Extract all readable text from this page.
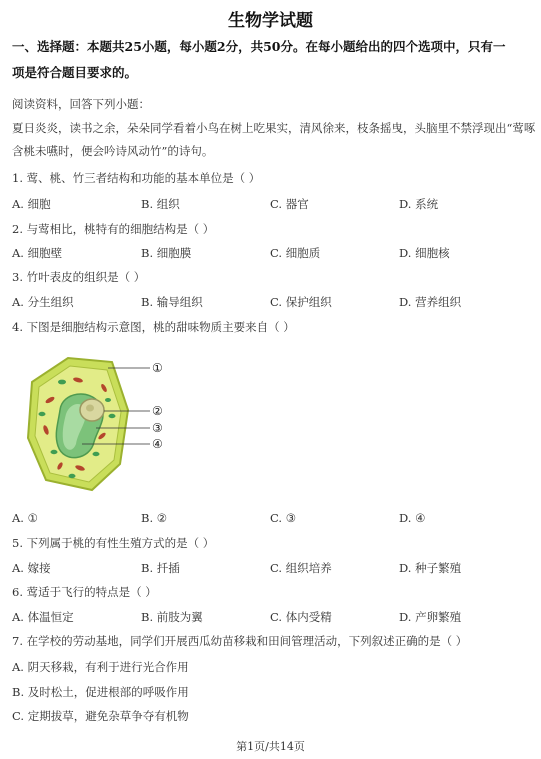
生物学试题
一、选择题：本题共25小题，每小题2分，共50分。在每小题给出的四个选项中，只有一
项是符合题目要求的。
阅读资料，回答下列小题：
夏日炎炎，读书之余，朵朵同学看着小鸟在树上吃果实，清风徐来，枝条摇曳，头脑里不禁浮现出“莺啄
含桃未嚥时，便会吟诗风动竹”的诗句。
1. 莺、桃、竹三者结构和功能的基本单位是（ ）
A. 细胞	B. 组织	C. 器官	D. 系统
2. 与莺相比，桃特有的细胞结构是（ ）
A. 细胞壁	B. 细胞膜	C. 细胞质	D. 细胞核
3. 竹叶表皮的组织是（ ）
A. 分生组织	B. 输导组织	C. 保护组织	D. 营养组织
4. 下图是细胞结构示意图，桃的甜味物质主要来自（ ）
①
②
③
④
A. ①	B. ②	C. ③	D. ④
5. 下列属于桃的有性生殖方式的是（ ）
A. 嫁接	B. 扦插	C. 组织培养	D. 种子繁殖
6. 莺适于飞行的特点是（ ）
A. 体温恒定	B. 前肢为翼	C. 体内受精	D. 产卵繁殖
7. 在学校的劳动基地，同学们开展西瓜幼苗移栽和田间管理活动，下列叙述正确的是（ ）
A. 阴天移栽，有利于进行光合作用
B. 及时松土，促进根部的呼吸作用
C. 定期拔草，避免杂草争夺有机物
第1页/共14页
